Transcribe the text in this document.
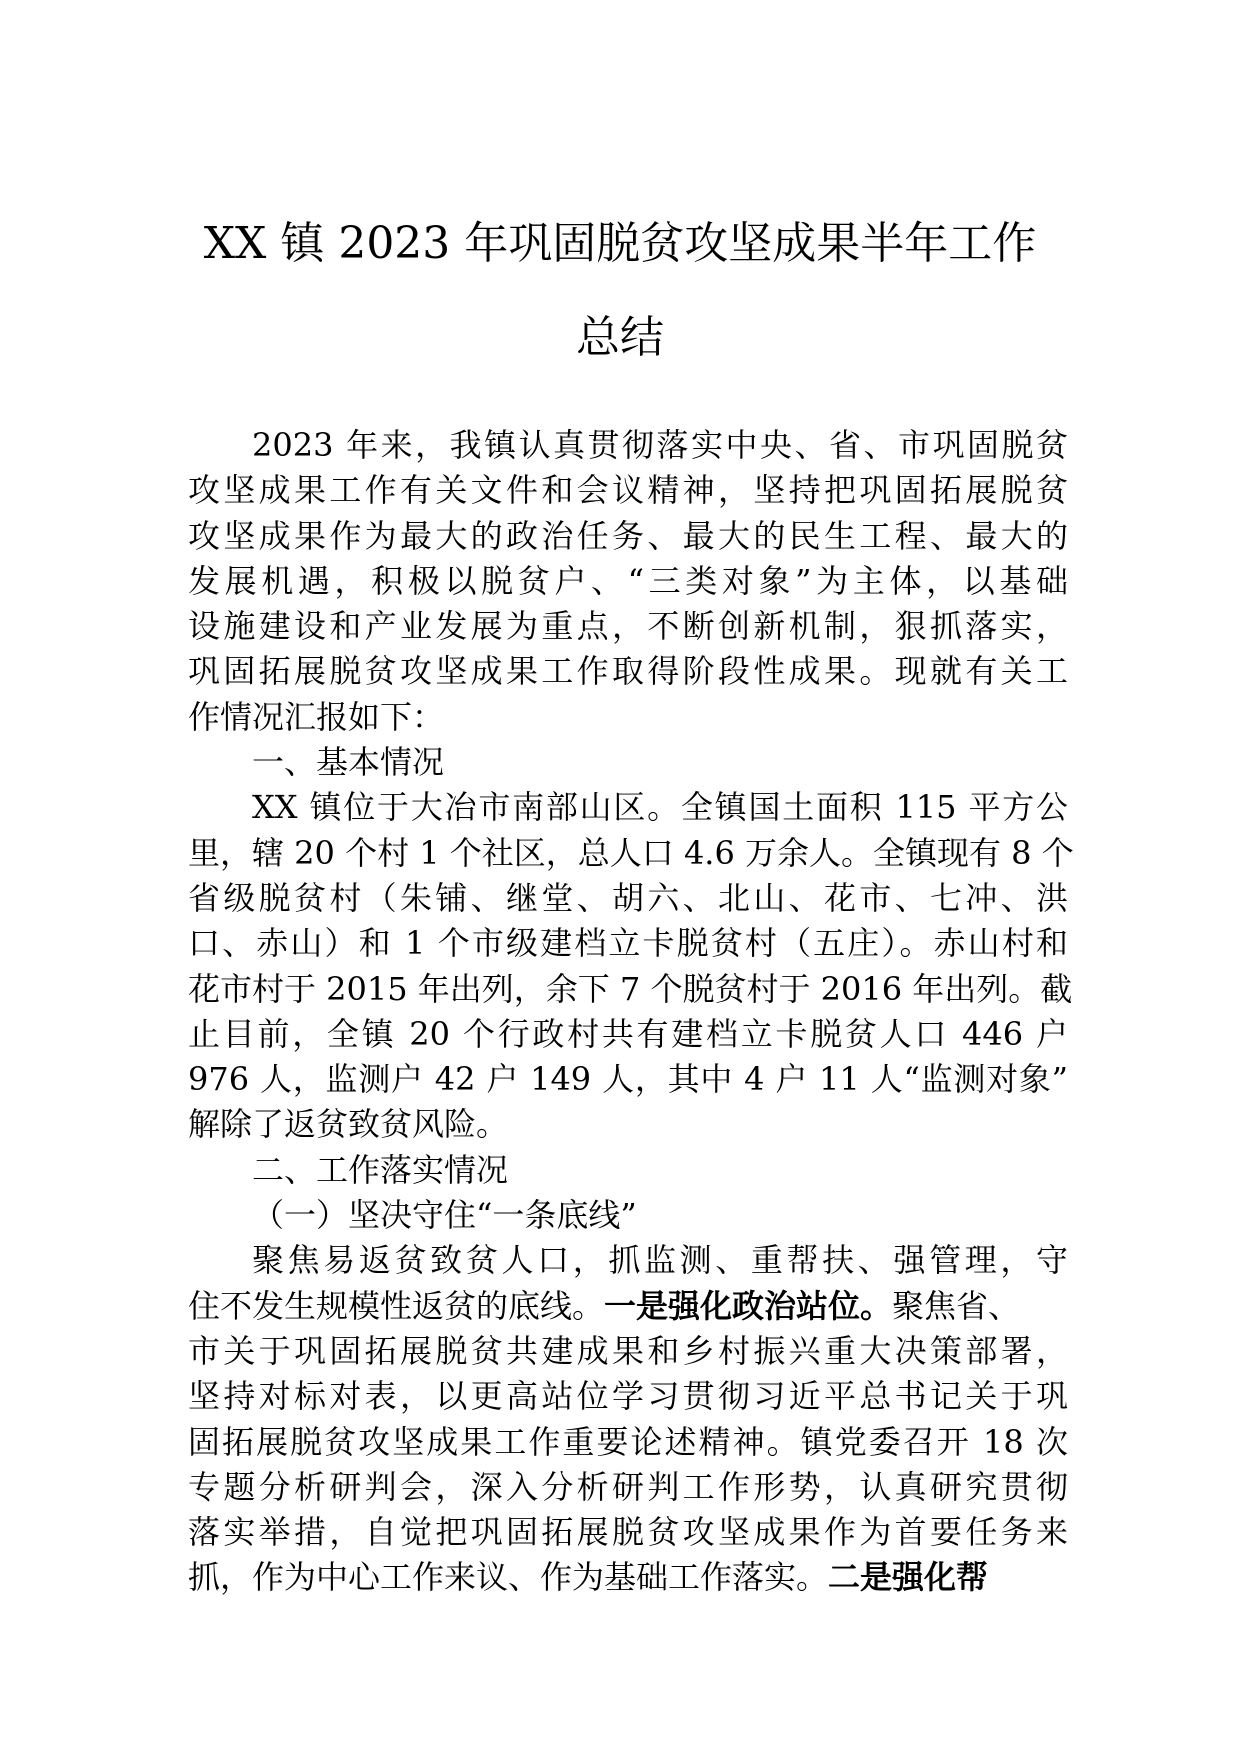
XX 镇 2023 年巩固脱贫攻坚成果半年工作
总结
2023 年来，我镇认真贯彻落实中央、省、市巩固脱贫
攻坚成果工作有关文件和会议精神，坚持把巩固拓展脱贫
攻坚成果作为最大的政治任务、最大的民生工程、最大的
发展机遇，积极以脱贫户、“三类对象”为主体，以基础
设施建设和产业发展为重点，不断创新机制，狠抓落实，
巩固拓展脱贫攻坚成果工作取得阶段性成果。现就有关工
作情况汇报如下：
一、基本情况
XX 镇位于大冶市南部山区。全镇国土面积 115 平方公
里，辖 20 个村 1 个社区，总人口 4.6 万余人。全镇现有 8 个
省级脱贫村（朱铺、继堂、胡六、北山、花市、七冲、洪
口、赤山）和 1 个市级建档立卡脱贫村（五庄）。赤山村和
花市村于 2015 年出列，余下 7 个脱贫村于 2016 年出列。截
止目前，全镇 20 个行政村共有建档立卡脱贫人口 446 户
976 人，监测户 42 户 149 人，其中 4 户 11 人“监测对象”
解除了返贫致贫风险。
二、工作落实情况
（一）坚决守住“一条底线”
聚焦易返贫致贫人口，抓监测、重帮扶、强管理，守
住不发生规模性返贫的底线。一是强化政治站位。聚焦省、
市关于巩固拓展脱贫共建成果和乡村振兴重大决策部署，
坚持对标对表，以更高站位学习贯彻习近平总书记关于巩
固拓展脱贫攻坚成果工作重要论述精神。镇党委召开 18 次
专题分析研判会，深入分析研判工作形势，认真研究贯彻
落实举措，自觉把巩固拓展脱贫攻坚成果作为首要任务来
抓，作为中心工作来议、作为基础工作落实。二是强化帮
